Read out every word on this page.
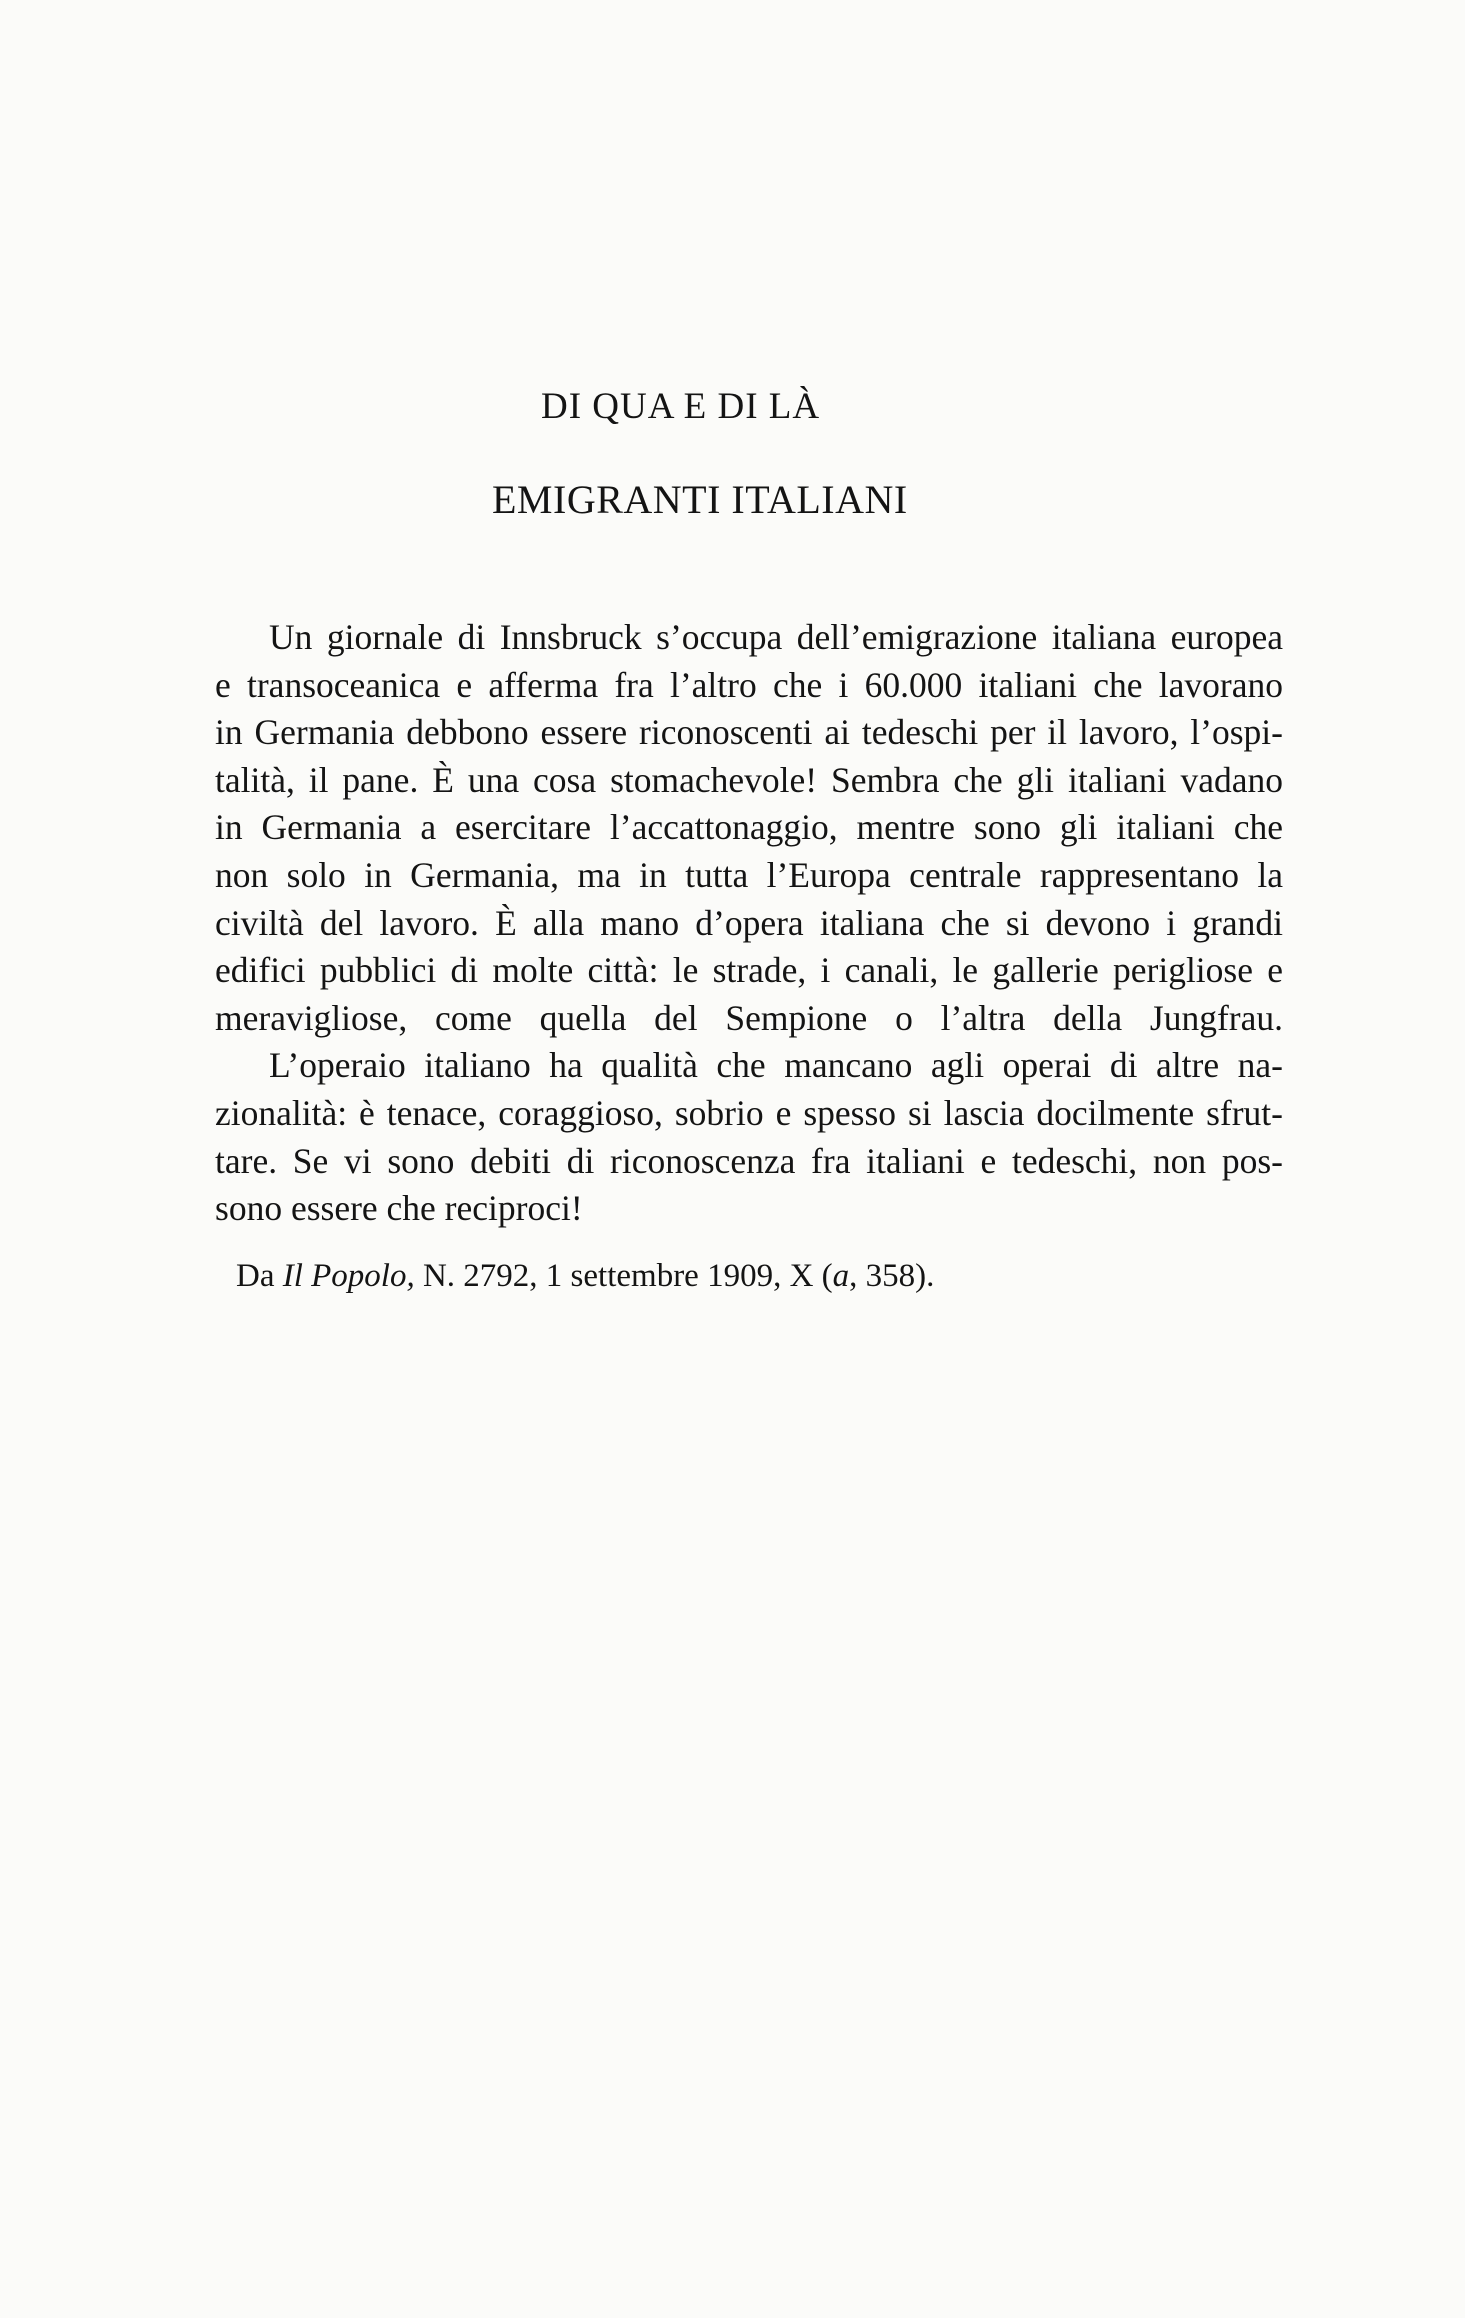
DI QUA E DI LÀ
EMIGRANTI ITALIANI
Un giornale di Innsbruck s’occupa dell’emigrazione italiana europea
e transoceanica e afferma fra l’altro che i 60.000 italiani che lavorano
in Germania debbono essere riconoscenti ai tedeschi per il lavoro, l’ospi-
talità, il pane. È una cosa stomachevole! Sembra che gli italiani vadano
in Germania a esercitare l’accattonaggio, mentre sono gli italiani che
non solo in Germania, ma in tutta l’Europa centrale rappresentano la
civiltà del lavoro. È alla mano d’opera italiana che si devono i grandi
edifici pubblici di molte città: le strade, i canali, le gallerie perigliose e
meravigliose, come quella del Sempione o l’altra della Jungfrau.
L’operaio italiano ha qualità che mancano agli operai di altre na-
zionalità: è tenace, coraggioso, sobrio e spesso si lascia docilmente sfrut-
tare. Se vi sono debiti di riconoscenza fra italiani e tedeschi, non pos-
sono essere che reciproci!

Da Il Popolo, N. 2792, 1 settembre 1909, X (a, 358).
